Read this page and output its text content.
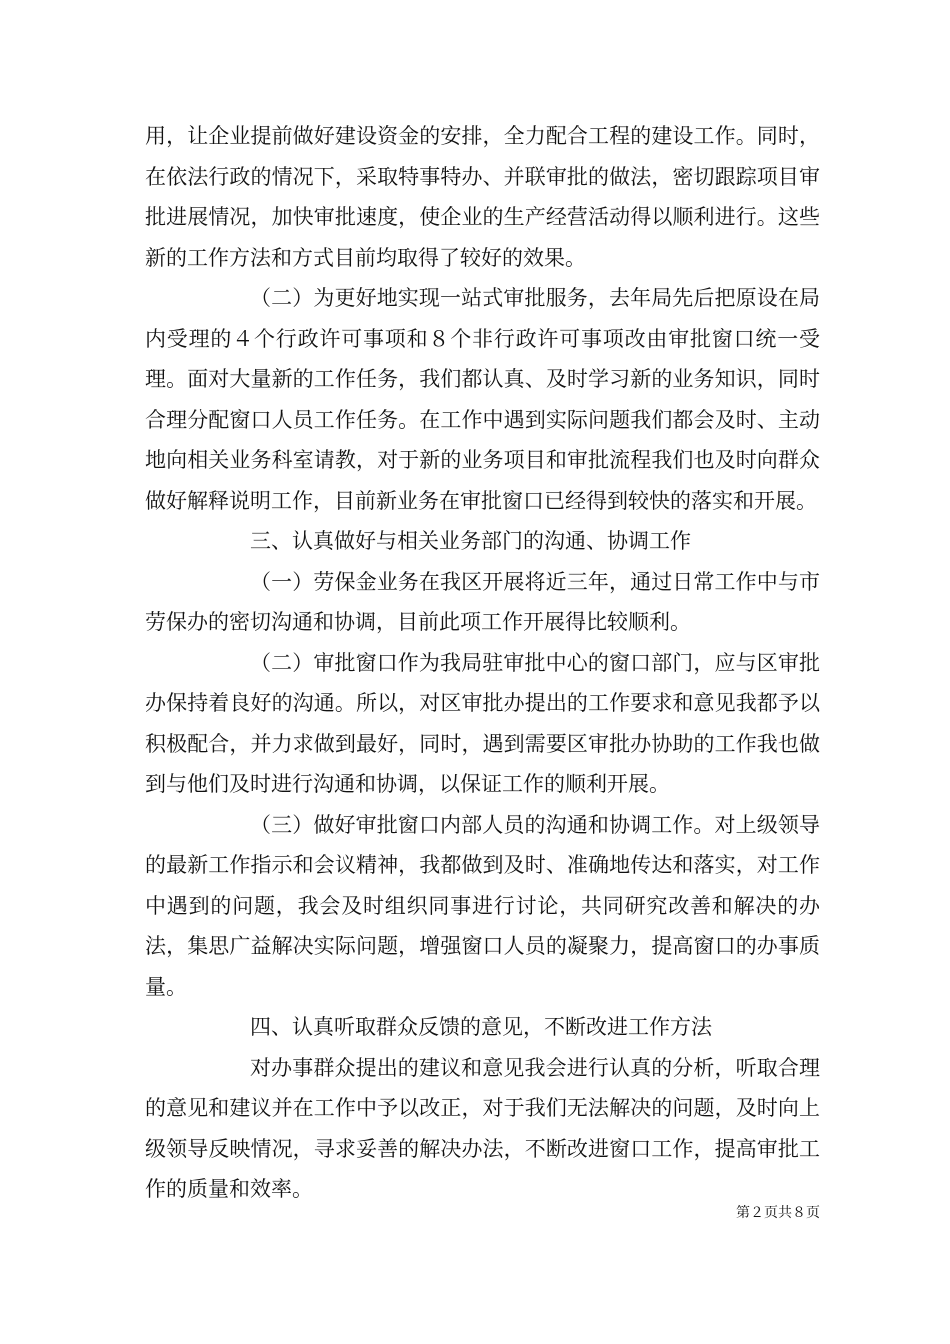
用，让企业提前做好建设资金的安排，全力配合工程的建设工作。同时，在依法行政的情况下，采取特事特办、并联审批的做法，密切跟踪项目审批进展情况，加快审批速度，使企业的生产经营活动得以顺利进行。这些新的工作方法和方式目前均取得了较好的效果。

（二）为更好地实现一站式审批服务，去年局先后把原设在局内受理的４个行政许可事项和８个非行政许可事项改由审批窗口统一受理。面对大量新的工作任务，我们都认真、及时学习新的业务知识，同时合理分配窗口人员工作任务。在工作中遇到实际问题我们都会及时、主动地向相关业务科室请教，对于新的业务项目和审批流程我们也及时向群众做好解释说明工作，目前新业务在审批窗口已经得到较快的落实和开展。

三、认真做好与相关业务部门的沟通、协调工作

（一）劳保金业务在我区开展将近三年，通过日常工作中与市劳保办的密切沟通和协调，目前此项工作开展得比较顺利。

（二）审批窗口作为我局驻审批中心的窗口部门，应与区审批办保持着良好的沟通。所以，对区审批办提出的工作要求和意见我都予以积极配合，并力求做到最好，同时，遇到需要区审批办协助的工作我也做到与他们及时进行沟通和协调，以保证工作的顺利开展。

（三）做好审批窗口内部人员的沟通和协调工作。对上级领导的最新工作指示和会议精神，我都做到及时、准确地传达和落实，对工作中遇到的问题，我会及时组织同事进行讨论，共同研究改善和解决的办法，集思广益解决实际问题，增强窗口人员的凝聚力，提高窗口的办事质量。

四、认真听取群众反馈的意见，不断改进工作方法

对办事群众提出的建议和意见我会进行认真的分析，听取合理的意见和建议并在工作中予以改正，对于我们无法解决的问题，及时向上级领导反映情况，寻求妥善的解决办法，不断改进窗口工作，提高审批工作的质量和效率。

第２页共８页
